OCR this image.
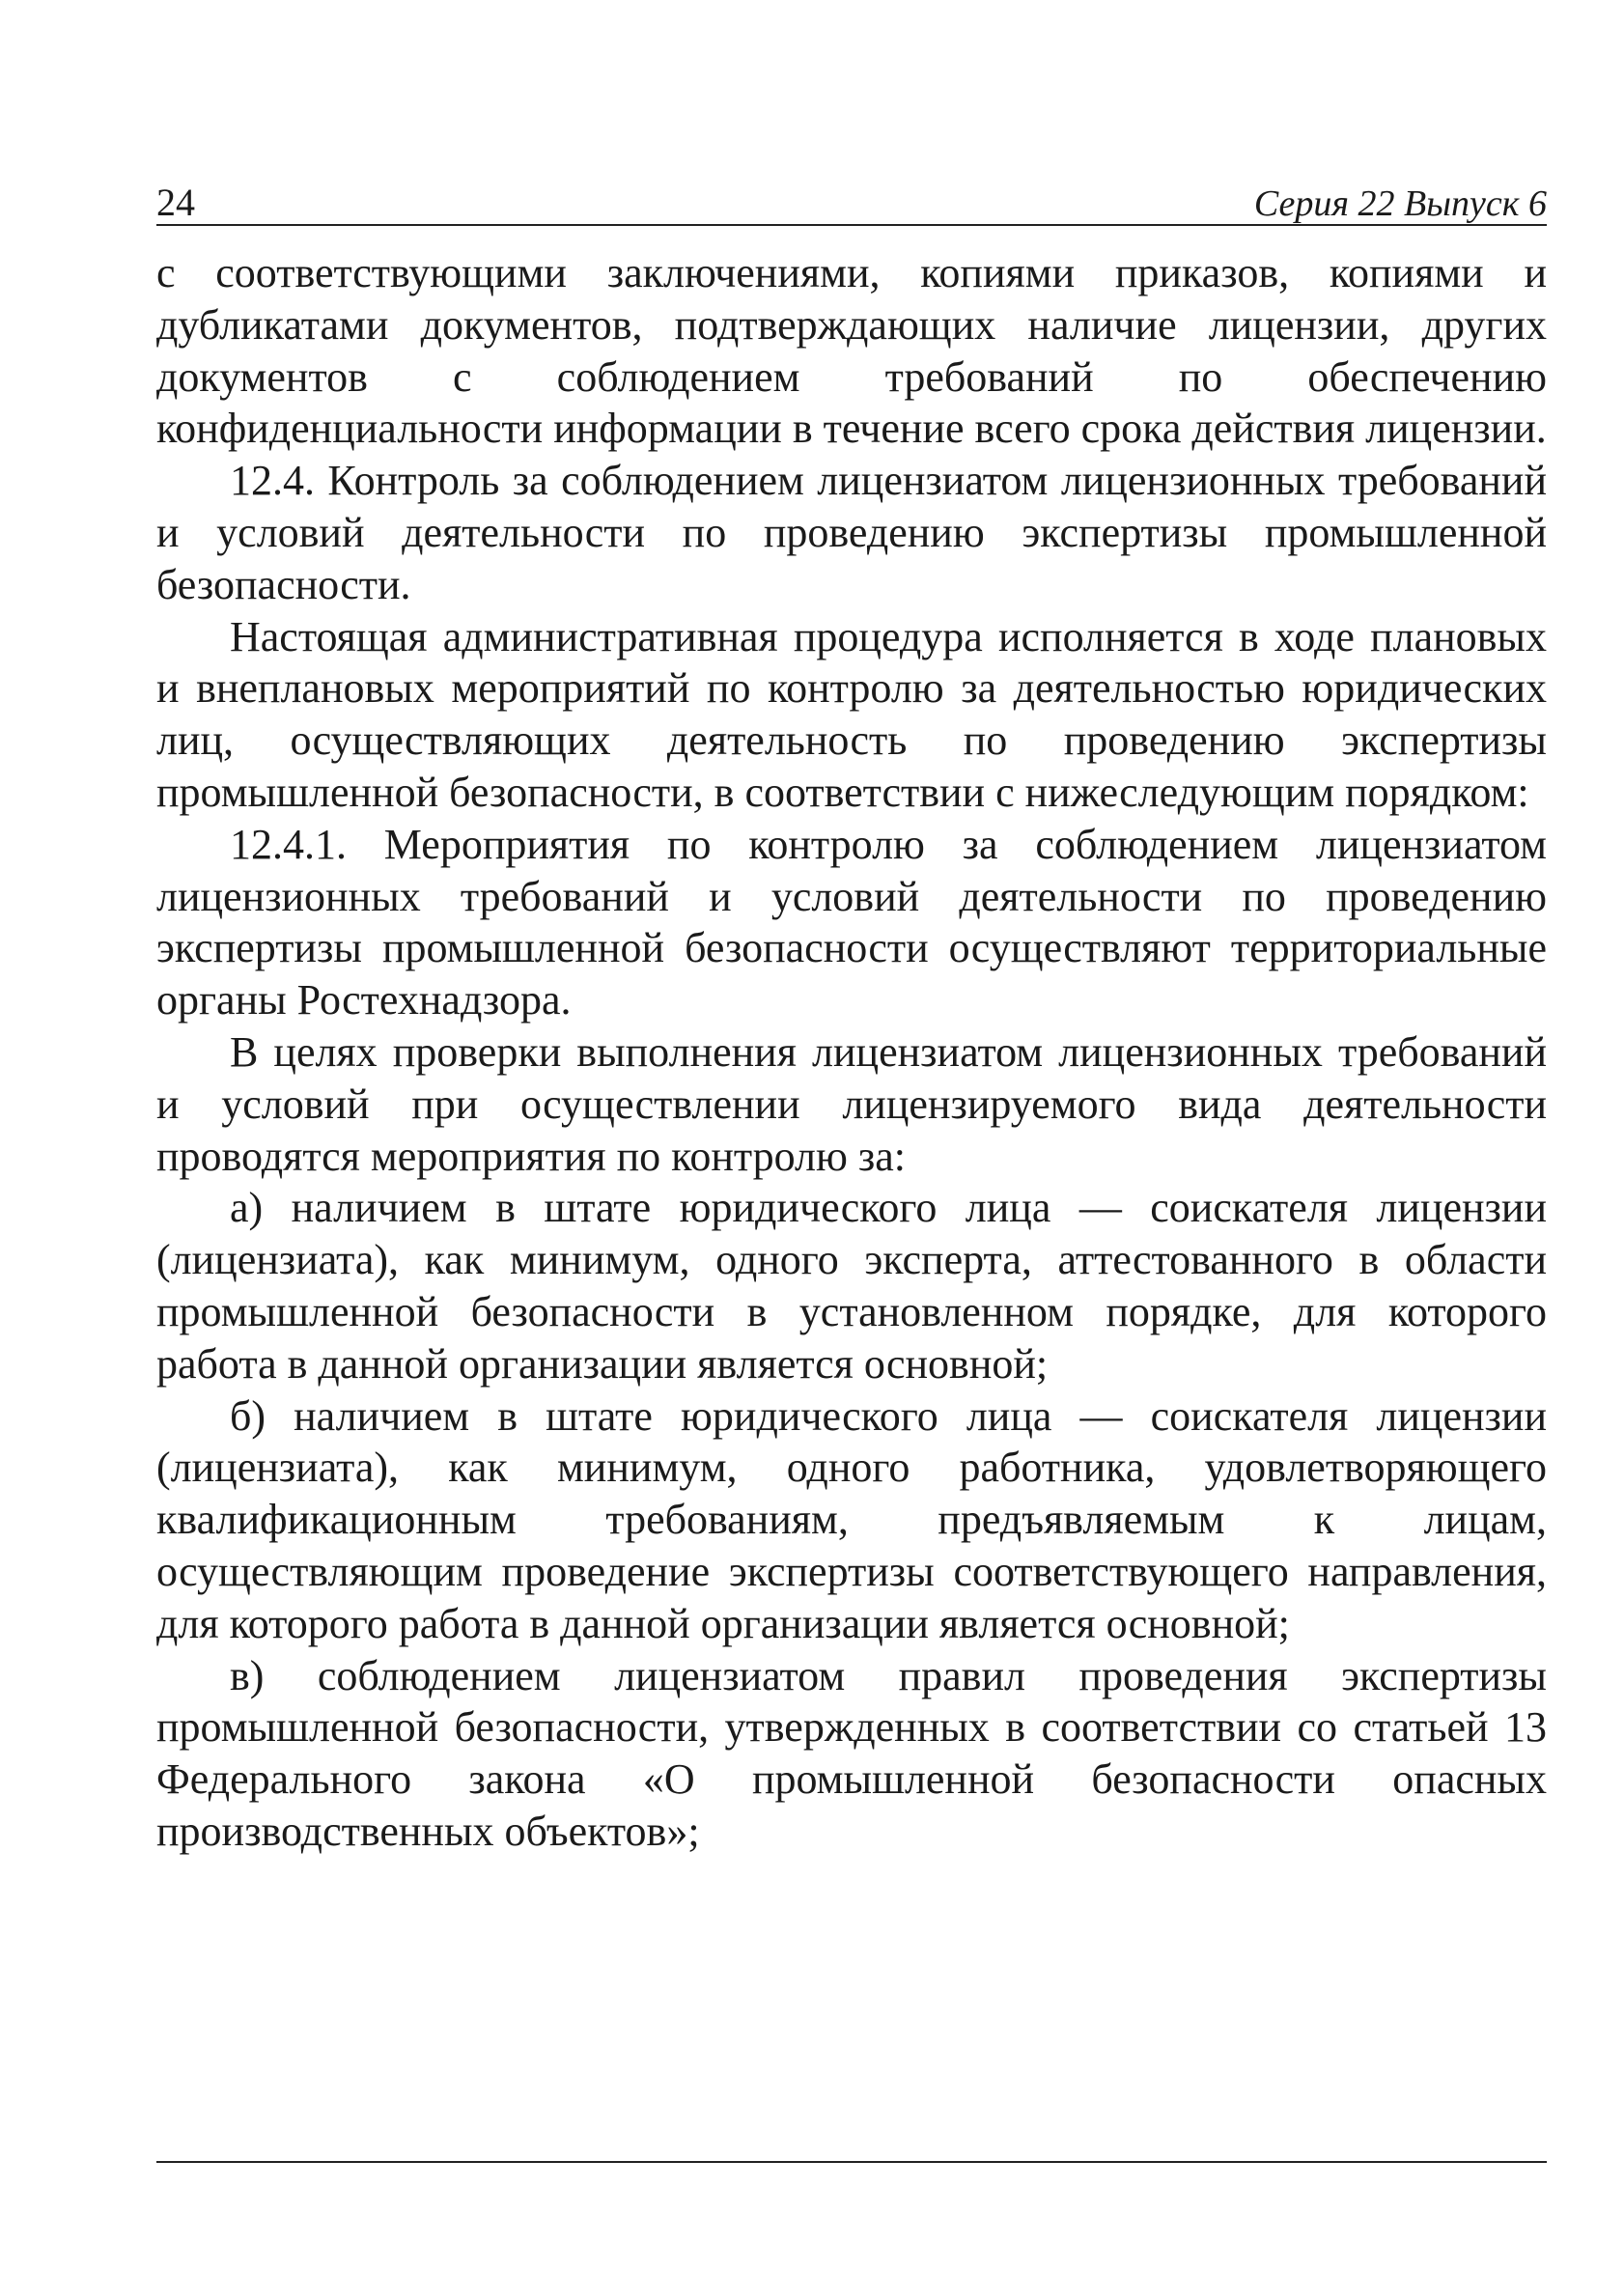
24	Серия 22 Выпуск 6

с соответствующими заключениями, копиями приказов, копиями и дубликатами документов, подтверждающих наличие лицензии, других документов с соблюдением требований по обеспечению конфиденциальности информации в течение всего срока действия лицензии.

12.4. Контроль за соблюдением лицензиатом лицензионных требований и условий деятельности по проведению экспертизы промышленной безопасности.

Настоящая административная процедура исполняется в ходе плановых и внеплановых мероприятий по контролю за деятельностью юридических лиц, осуществляющих деятельность по проведению экспертизы промышленной безопасности, в соответствии с нижеследующим порядком:

12.4.1. Мероприятия по контролю за соблюдением лицензиатом лицензионных требований и условий деятельности по проведению экспертизы промышленной безопасности осуществляют территориальные органы Ростехнадзора.

В целях проверки выполнения лицензиатом лицензионных требований и условий при осуществлении лицензируемого вида деятельности проводятся мероприятия по контролю за:

а) наличием в штате юридического лица — соискателя лицензии (лицензиата), как минимум, одного эксперта, аттестованного в области промышленной безопасности в установленном порядке, для которого работа в данной организации является основной;

б) наличием в штате юридического лица — соискателя лицензии (лицензиата), как минимум, одного работника, удовлетворяющего квалификационным требованиям, предъявляемым к лицам, осуществляющим проведение экспертизы соответствующего направления, для которого работа в данной организации является основной;

в) соблюдением лицензиатом правил проведения экспертизы промышленной безопасности, утвержденных в соответствии со статьей 13 Федерального закона «О промышленной безопасности опасных производственных объектов»;
